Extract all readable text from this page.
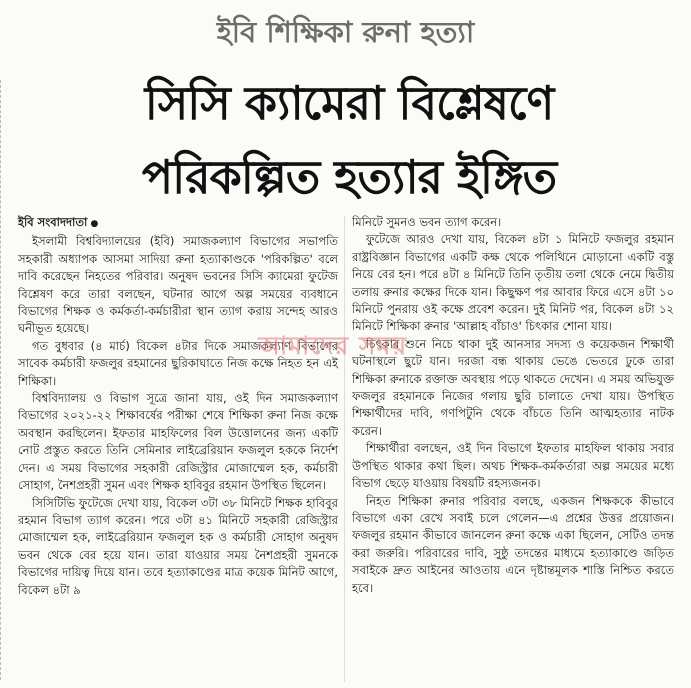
ইবি শিক্ষিকা রুনা হত্যা
সিসি ক্যামেরা বিশ্লেষণে
পরিকল্পিত হত্যার ইঙ্গিত

ইবি সংবাদদাতা ●

ইসলামী বিশ্ববিদ্যালয়ের (ইবি) সমাজকল্যাণ বিভাগের সভাপতি সহকারী অধ্যাপক আসমা সাদিয়া রুনা হত্যাকাণ্ডকে 'পরিকল্পিত' বলে দাবি করেছেন নিহতের পরিবার। অনুষদ ভবনের সিসি ক্যামেরা ফুটেজ বিশ্লেষণ করে তারা বলছেন, ঘটনার আগে অল্প সময়ের ব্যবধানে বিভাগের শিক্ষক ও কর্মকর্তা-কর্মচারীরা স্থান ত্যাগ করায় সন্দেহ আরও ঘনীভূত হয়েছে।

গত বুধবার (৪ মার্চ) বিকেল ৪টার দিকে সমাজকল্যাণ বিভাগের সাবেক কর্মচারী ফজলুর রহমানের ছুরিকাঘাতে নিজ কক্ষে নিহত হন এই শিক্ষিকা।

বিশ্ববিদ্যালয় ও বিভাগ সূত্রে জানা যায়, ওই দিন সমাজকল্যাণ বিভাগের ২০২১-২২ শিক্ষাবর্ষের পরীক্ষা শেষে শিক্ষিকা রুনা নিজ কক্ষে অবস্থান করছিলেন। ইফতার মাহফিলের বিল উত্তোলনের জন্য একটি নোট প্রস্তুত করতে তিনি সেমিনার লাইব্রেরিয়ান ফজলুল হককে নির্দেশ দেন। এ সময় বিভাগের সহকারী রেজিস্ট্রার মোজাম্মেল হক, কর্মচারী সোহাগ, নৈশপ্রহরী সুমন এবং শিক্ষক হাবিবুর রহমান উপস্থিত ছিলেন।

সিসিটিভি ফুটেজে দেখা যায়, বিকেল ৩টা ৩৮ মিনিটে শিক্ষক হাবিবুর রহমান বিভাগ ত্যাগ করেন। পরে ৩টা ৪১ মিনিটে সহকারী রেজিস্ট্রার মোজাম্মেল হক, লাইব্রেরিয়ান ফজলুল হক ও কর্মচারী সোহাগ অনুষদ ভবন থেকে বের হয়ে যান। তারা যাওয়ার সময় নৈশপ্রহরী সুমনকে বিভাগের দায়িত্ব দিয়ে যান। তবে হত্যাকাণ্ডের মাত্র কয়েক মিনিট আগে, বিকেল ৪টা ৯

মিনিটে সুমনও ভবন ত্যাগ করেন।

ফুটেজে আরও দেখা যায়, বিকেল ৪টা ১ মিনিটে ফজলুর রহমান রাষ্ট্রবিজ্ঞান বিভাগের একটি কক্ষ থেকে পলিথিনে মোড়ানো একটি বস্তু নিয়ে বের হন। পরে ৪টা ৪ মিনিটে তিনি তৃতীয় তলা থেকে নেমে দ্বিতীয় তলায় রুনার কক্ষের দিকে যান। কিছুক্ষণ পর আবার ফিরে এসে ৪টা ১০ মিনিটে পুনরায় ওই কক্ষে প্রবেশ করেন। দুই মিনিট পর, বিকেল ৪টা ১২ মিনিটে শিক্ষিকা রুনার 'আল্লাহ বাঁচাও' চিৎকার শোনা যায়।

চিৎকার শুনে নিচে থাকা দুই আনসার সদস্য ও কয়েকজন শিক্ষার্থী ঘটনাস্থলে ছুটে যান। দরজা বন্ধ থাকায় ভেঙে ভেতরে ঢুকে তারা শিক্ষিকা রুনাকে রক্তাক্ত অবস্থায় পড়ে থাকতে দেখেন। এ সময় অভিযুক্ত ফজলুর রহমানকে নিজের গলায় ছুরি চালাতে দেখা যায়। উপস্থিত শিক্ষার্থীদের দাবি, গণপিটুনি থেকে বাঁচতে তিনি আত্মহত্যার নাটক করেন।

শিক্ষার্থীরা বলছেন, ওই দিন বিভাগে ইফতার মাহফিল থাকায় সবার উপস্থিত থাকার কথা ছিল। অথচ শিক্ষক-কর্মকর্তারা অল্প সময়ের মধ্যে বিভাগ ছেড়ে যাওয়ায় বিষয়টি রহস্যজনক।

নিহত শিক্ষিকা রুনার পরিবার বলছে, একজন শিক্ষককে কীভাবে বিভাগে একা রেখে সবাই চলে গেলেন—এ প্রশ্নের উত্তর প্রয়োজন। ফজলুর রহমান কীভাবে জানলেন রুনা কক্ষে একা ছিলেন, সেটিও তদন্ত করা জরুরি। পরিবারের দাবি, সুষ্ঠু তদন্তের মাধ্যমে হত্যাকাণ্ডে জড়িত সবাইকে দ্রুত আইনের আওতায় এনে দৃষ্টান্তমূলক শাস্তি নিশ্চিত করতে হবে।

আমাদের সময়
